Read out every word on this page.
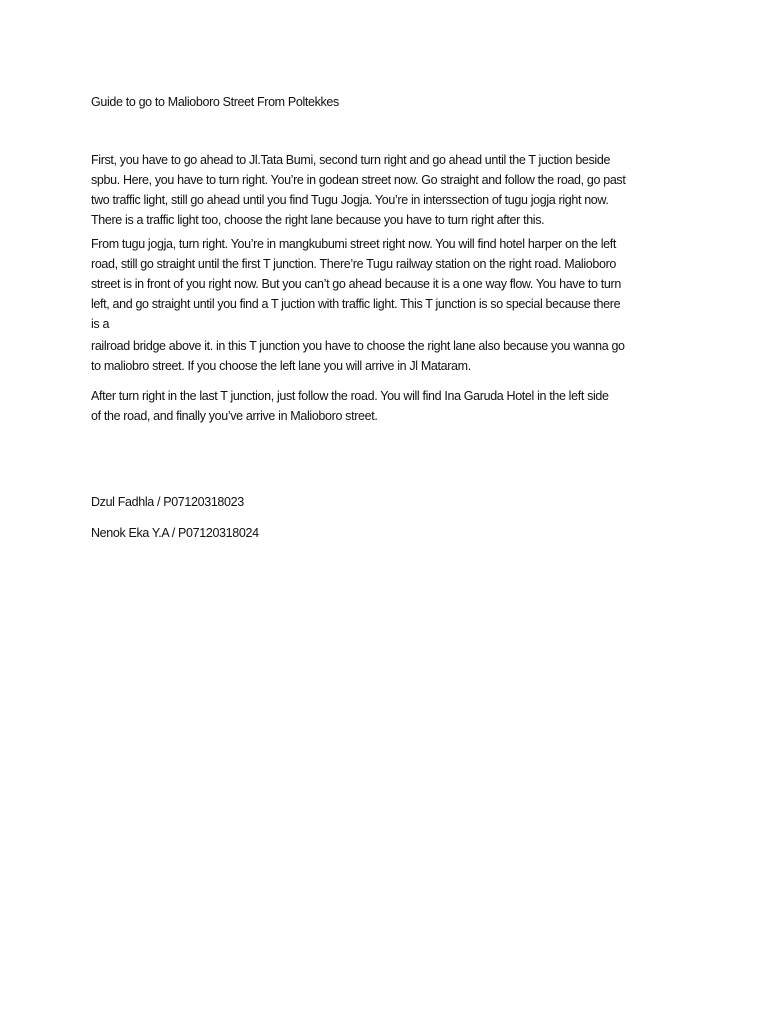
Guide to go to Malioboro Street From Poltekkes

First, you have to go ahead to Jl.Tata Bumi, second turn right and go ahead until the T juction beside
spbu. Here, you have to turn right. You’re in godean street now. Go straight and follow the road, go past
two traffic light, still go ahead until you find Tugu Jogja. You’re in interssection of tugu jogja right now.
There is a traffic light too, choose the right lane because you have to turn right after this.

From tugu jogja, turn right. You’re in mangkubumi street right now. You will find hotel harper on the left
road, still go straight until the first T junction. There’re Tugu railway station on the right road. Malioboro
street is in front of you right now. But you can’t go ahead because it is a one way flow. You have to turn
left, and go straight until you find a T juction with traffic light. This T junction is so special because there
is a

railroad bridge above it. in this T junction you have to choose the right lane also because you wanna go
to maliobro street. If you choose the left lane you will arrive in Jl Mataram.

After turn right in the last T junction, just follow the road. You will find Ina Garuda Hotel in the left side
of the road, and finally you’ve arrive in Malioboro street.

Dzul Fadhla / P07120318023

Nenok Eka Y.A / P07120318024
